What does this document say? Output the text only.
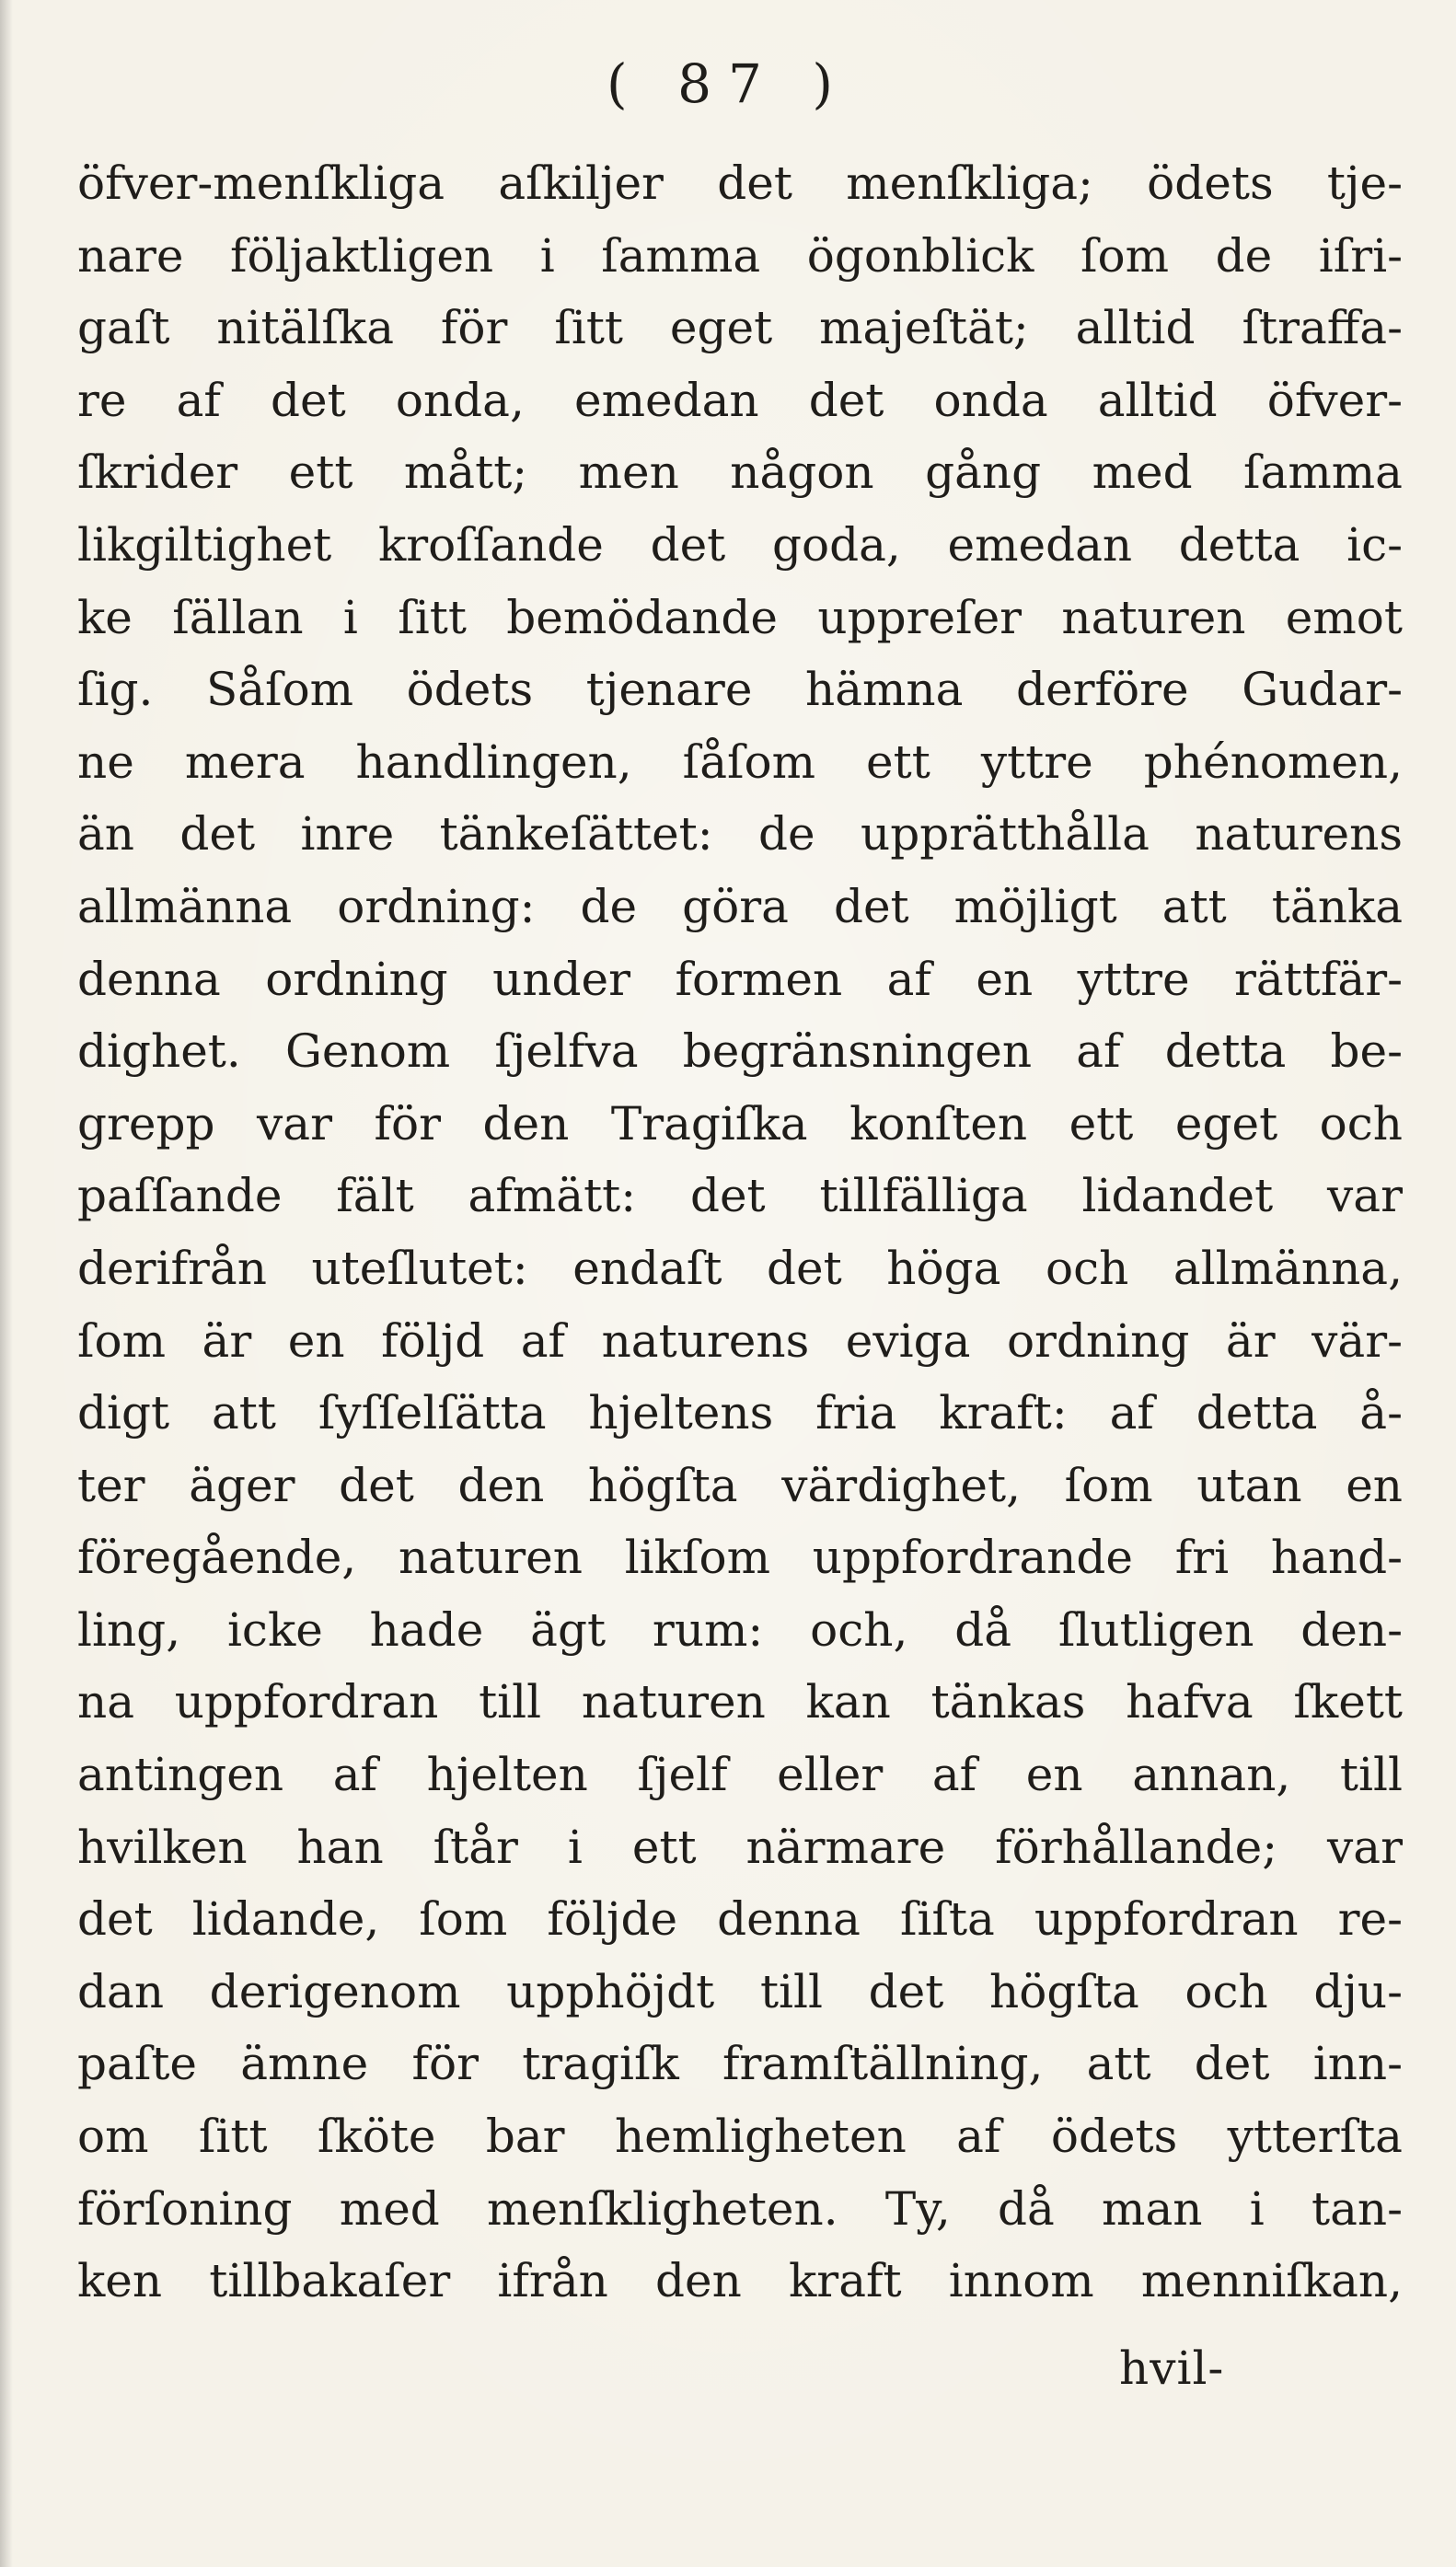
( 87 )
öfver-menſkliga aſkiljer det menſkliga; ödets tje-
nare följaktligen i ſamma ögonblick ſom de iſri-
gaſt nitälſka för ſitt eget majeſtät; alltid ſtraffa-
re af det onda, emedan det onda alltid öfver-
ſkrider ett mått; men någon gång med ſamma
likgiltighet kroſſande det goda, emedan detta ic-
ke ſällan i ſitt bemödande uppreſer naturen emot
ſig. Såſom ödets tjenare hämna derföre Gudar-
ne mera handlingen, ſåſom ett yttre phénomen,
än det inre tänkeſättet: de upprätthålla naturens
allmänna ordning: de göra det möjligt att tänka
denna ordning under formen af en yttre rättfär-
dighet. Genom ſjelfva begränsningen af detta be-
grepp var för den Tragiſka konſten ett eget och
paſſande fält afmätt: det tillfälliga lidandet var
derifrån uteſlutet: endaſt det höga och allmänna,
ſom är en följd af naturens eviga ordning är vär-
digt att ſyſſelſätta hjeltens fria kraft: af detta å-
ter äger det den högſta värdighet, ſom utan en
föregående, naturen likſom uppfordrande fri hand-
ling, icke hade ägt rum: och, då ſlutligen den-
na uppfordran till naturen kan tänkas hafva ſkett
antingen af hjelten ſjelf eller af en annan, till
hvilken han ſtår i ett närmare förhållande; var
det lidande, ſom följde denna ſiſta uppfordran re-
dan derigenom upphöjdt till det högſta och dju-
paſte ämne för tragiſk framſtällning, att det inn-
om ſitt ſköte bar hemligheten af ödets ytterſta
förſoning med menſkligheten. Ty, då man i tan-
ken tillbakaſer ifrån den kraft innom menniſkan,
hvil-
